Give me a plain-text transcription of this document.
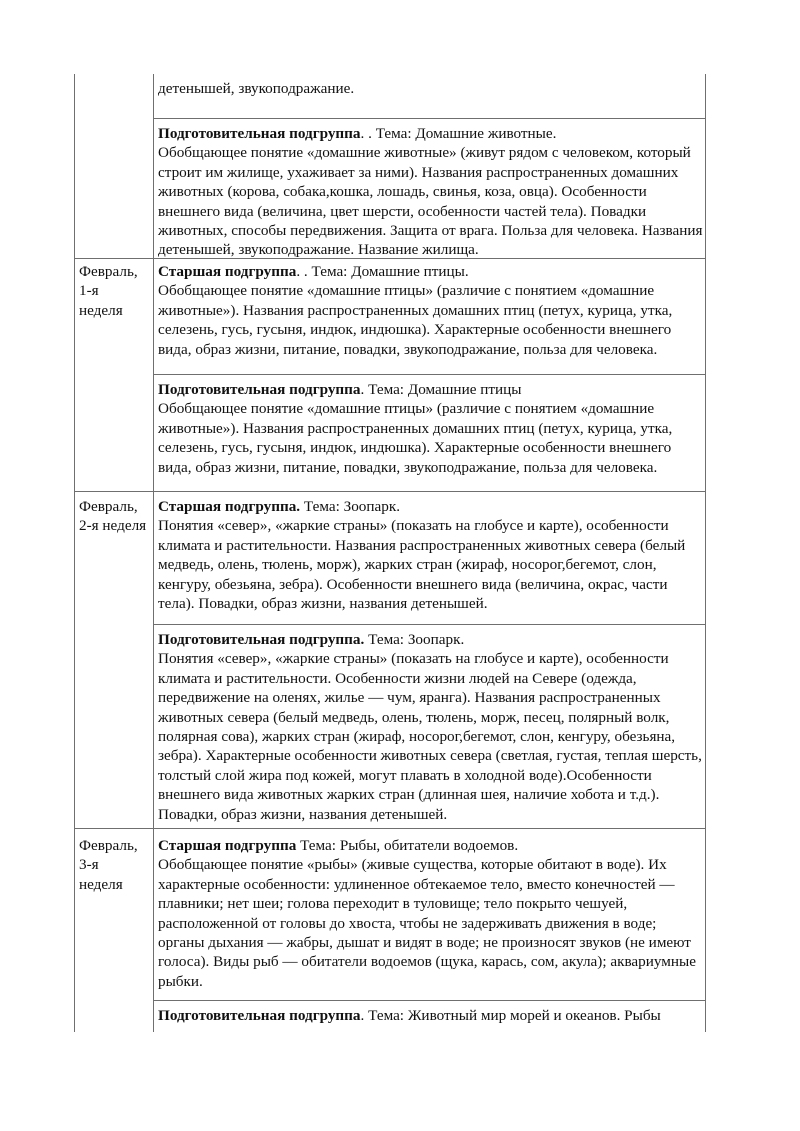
детенышей, звукоподражание.

Подготовительная подгруппа. . Тема: Домашние животные.

Обобщающее понятие «домашние животные» (живут рядом с человеком, который строит им жилище, ухаживает за ними). Названия распространенных домашних животных (корова, собака,кошка, лошадь, свинья, коза, овца). Особенности внешнего вида (величина, цвет шерсти, особенности частей тела). Повадки животных, способы передвижения. Защита от врага. Польза для человека. Названия детенышей, звукоподражание. Название жилища.

Февраль,
1-я
неделя

Старшая подгруппа. . Тема: Домашние птицы.

Обобщающее понятие «домашние птицы» (различие с понятием «домашние животные»). Названия распространенных домашних птиц (петух, курица, утка, селезень, гусь, гусыня, индюк, индюшка). Характерные особенности внешнего вида, образ жизни, питание, повадки, звукоподражание, польза для человека.

Подготовительная подгруппа. Тема: Домашние птицы

Обобщающее понятие «домашние птицы» (различие с понятием «домашние животные»). Названия распространенных домашних птиц (петух, курица, утка, селезень, гусь, гусыня, индюк, индюшка). Характерные особенности внешнего вида, образ жизни, питание, повадки, звукоподражание, польза для человека.

Февраль,
2-я неделя

Старшая подгруппа. Тема: Зоопарк.

Понятия «север», «жаркие страны» (показать на глобусе и карте), особенности климата и растительности. Названия распространенных животных севера (белый медведь, олень, тюлень, морж), жарких стран (жираф, носорог,бегемот, слон, кенгуру, обезьяна, зебра). Особенности внешнего вида (величина, окрас, части тела). Повадки, образ жизни, названия детенышей.

Подготовительная подгруппа. Тема: Зоопарк.

Понятия «север», «жаркие страны» (показать на глобусе и карте), особенности климата и растительности. Особенности жизни людей на Севере (одежда, передвижение на оленях, жилье — чум, яранга). Названия распространенных животных севера (белый медведь, олень, тюлень, морж, песец, полярный волк, полярная сова), жарких стран (жираф, носорог,бегемот, слон, кенгуру, обезьяна, зебра). Характерные особенности животных севера (светлая, густая, теплая шерсть, толстый слой жира под кожей, могут плавать в холодной воде).Особенности внешнего вида животных жарких стран (длинная шея, наличие хобота и т.д.). Повадки, образ жизни, названия детенышей.

Февраль,
3-я
неделя

Старшая подгруппа Тема: Рыбы, обитатели водоемов.

Обобщающее понятие «рыбы» (живые существа, которые обитают в воде). Их характерные особенности: удлиненное обтекаемое тело, вместо конечностей — плавники; нет шеи; голова переходит в туловище; тело покрыто чешуей, расположенной от головы до хвоста, чтобы не задерживать движения в воде; органы дыхания — жабры, дышат и видят в воде; не произносят звуков (не имеют голоса). Виды рыб — обитатели водоемов (щука, карась, сом, акула); аквариумные рыбки.

Подготовительная подгруппа. Тема: Животный мир морей и океанов. Рыбы
